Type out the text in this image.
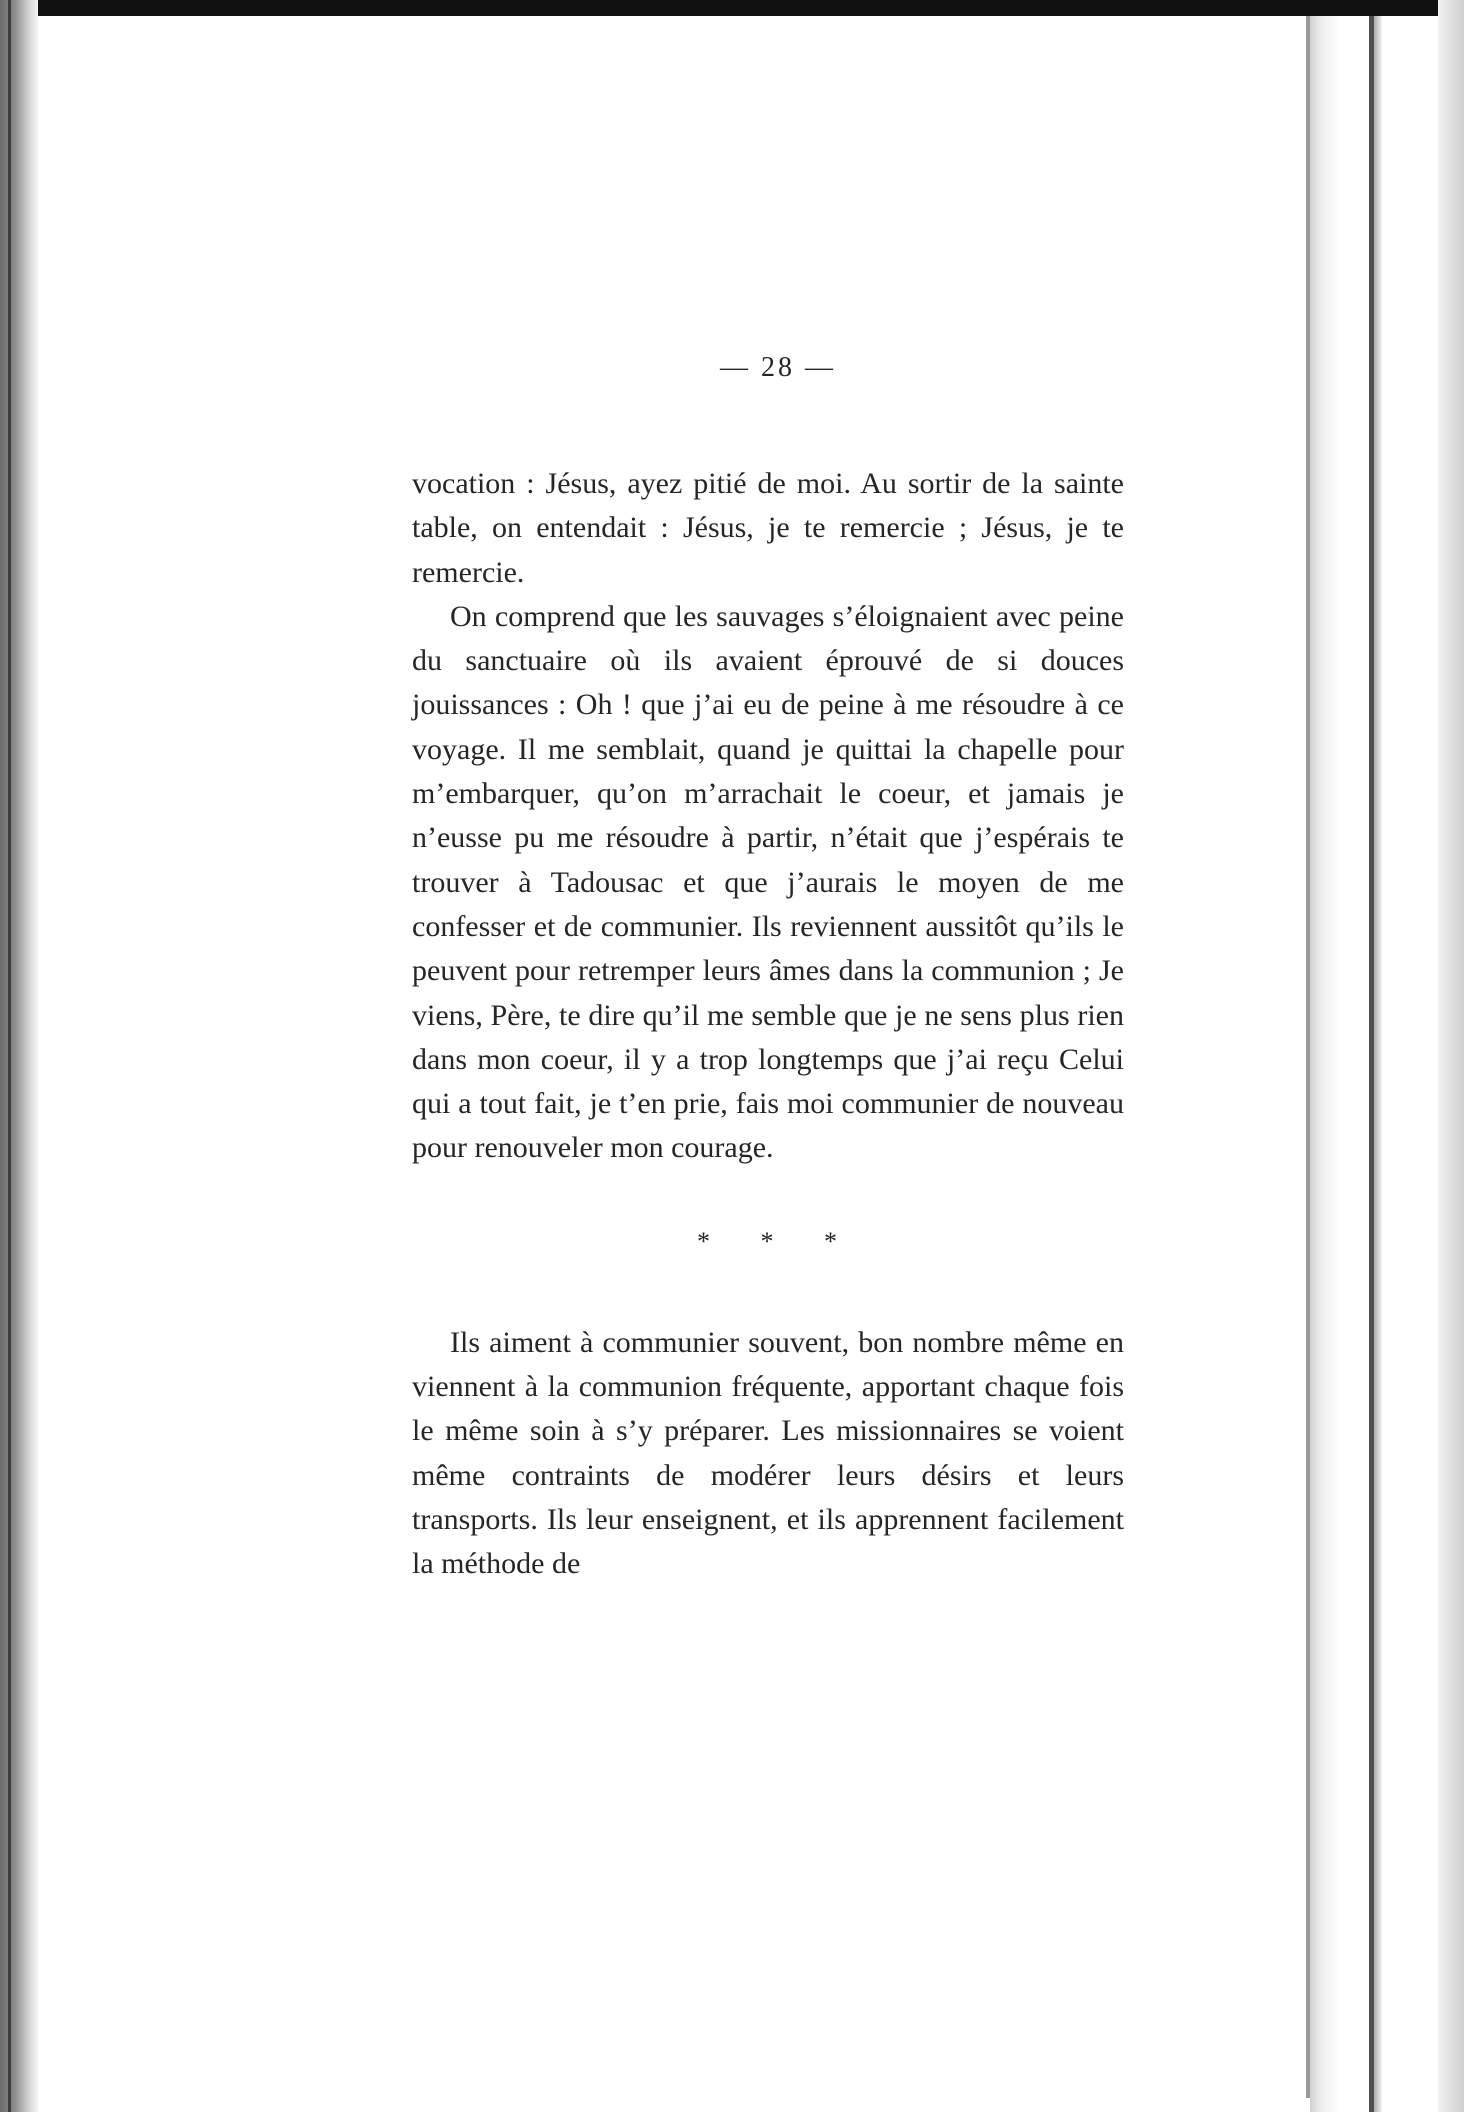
— 28 —

vocation : Jésus, ayez pitié de moi. Au sortir de la sainte table, on entendait : Jésus, je te remercie ; Jésus, je te remercie.

On comprend que les sauvages s’éloignaient avec peine du sanctuaire où ils avaient éprouvé de si douces jouissances : Oh ! que j’ai eu de peine à me résoudre à ce voyage. Il me semblait, quand je quittai la chapelle pour m’embarquer, qu’on m’arrachait le coeur, et jamais je n’eusse pu me résoudre à partir, n’était que j’espérais te trouver à Tadousac et que j’aurais le moyen de me confesser et de communier. Ils reviennent aussitôt qu’ils le peuvent pour retremper leurs âmes dans la communion ; Je viens, Père, te dire qu’il me semble que je ne sens plus rien dans mon coeur, il y a trop longtemps que j’ai reçu Celui qui a tout fait, je t’en prie, fais moi communier de nouveau pour renouveler mon courage.

* * *

Ils aiment à communier souvent, bon nombre même en viennent à la communion fréquente, apportant chaque fois le même soin à s’y préparer. Les missionnaires se voient même contraints de modérer leurs désirs et leurs transports. Ils leur enseignent, et ils apprennent facilement la méthode de
